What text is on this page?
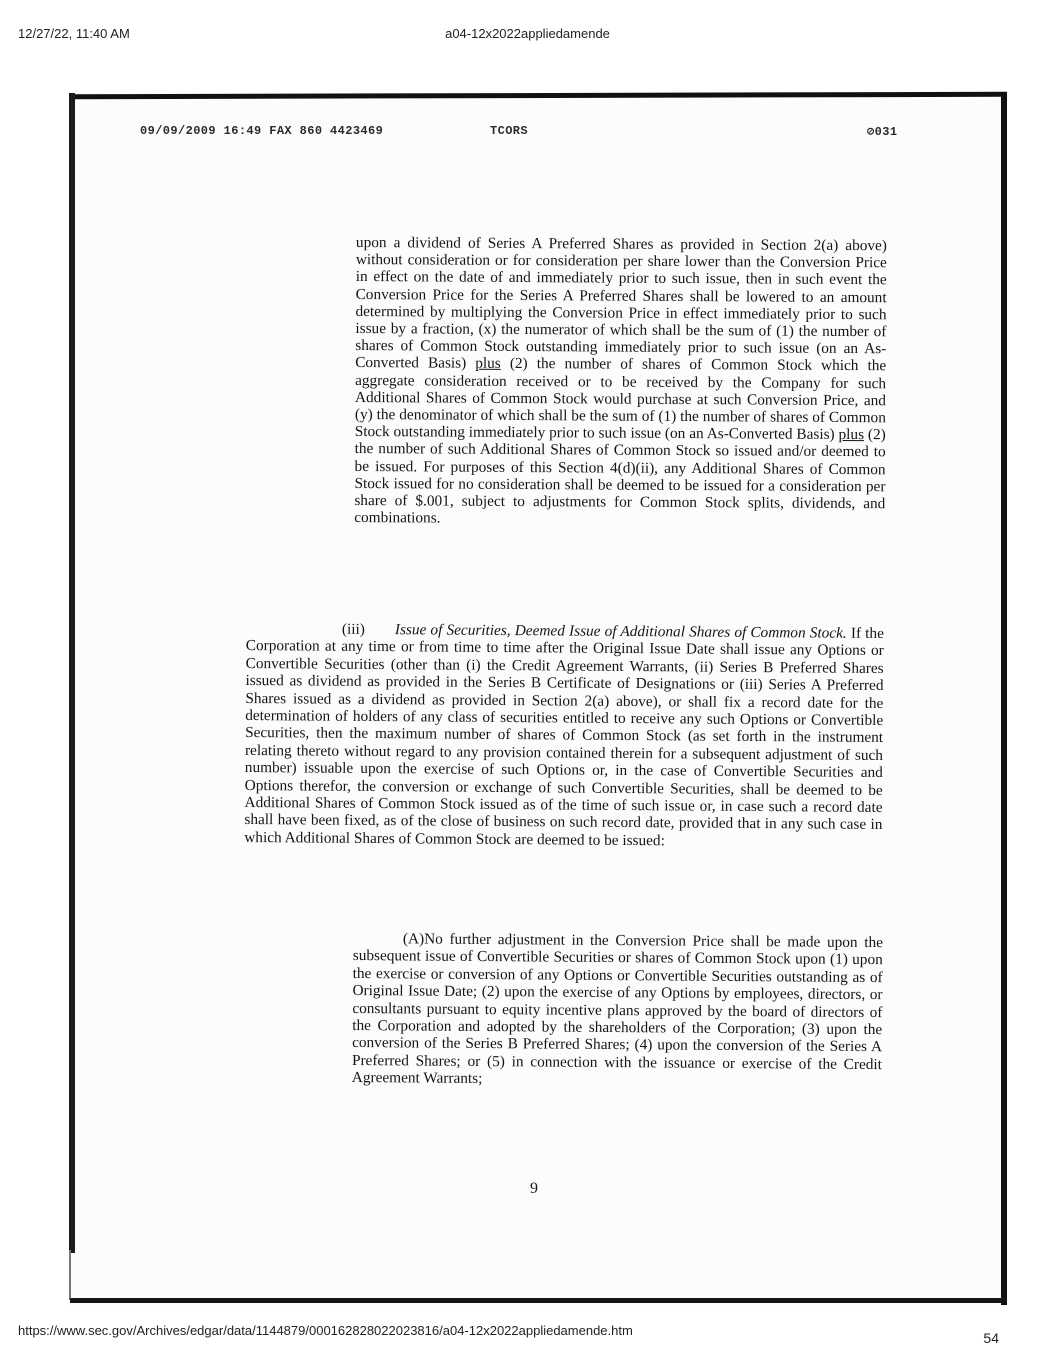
12/27/22, 11:40 AM	a04-12x2022appliedamende
09/09/2009 16:49 FAX 860 4423469	TCORS	⊘031
upon a dividend of Series A Preferred Shares as provided in Section 2(a) above) without consideration or for consideration per share lower than the Conversion Price in effect on the date of and immediately prior to such issue, then in such event the Conversion Price for the Series A Preferred Shares shall be lowered to an amount determined by multiplying the Conversion Price in effect immediately prior to such issue by a fraction, (x) the numerator of which shall be the sum of (1) the number of shares of Common Stock outstanding immediately prior to such issue (on an As-Converted Basis) plus (2) the number of shares of Common Stock which the aggregate consideration received or to be received by the Company for such Additional Shares of Common Stock would purchase at such Conversion Price, and (y) the denominator of which shall be the sum of (1) the number of shares of Common Stock outstanding immediately prior to such issue (on an As-Converted Basis) plus (2) the number of such Additional Shares of Common Stock so issued and/or deemed to be issued. For purposes of this Section 4(d)(ii), any Additional Shares of Common Stock issued for no consideration shall be deemed to be issued for a consideration per share of $.001, subject to adjustments for Common Stock splits, dividends, and combinations.
(iii) Issue of Securities, Deemed Issue of Additional Shares of Common Stock. If the Corporation at any time or from time to time after the Original Issue Date shall issue any Options or Convertible Securities (other than (i) the Credit Agreement Warrants, (ii) Series B Preferred Shares issued as dividend as provided in the Series B Certificate of Designations or (iii) Series A Preferred Shares issued as a dividend as provided in Section 2(a) above), or shall fix a record date for the determination of holders of any class of securities entitled to receive any such Options or Convertible Securities, then the maximum number of shares of Common Stock (as set forth in the instrument relating thereto without regard to any provision contained therein for a subsequent adjustment of such number) issuable upon the exercise of such Options or, in the case of Convertible Securities and Options therefor, the conversion or exchange of such Convertible Securities, shall be deemed to be Additional Shares of Common Stock issued as of the time of such issue or, in case such a record date shall have been fixed, as of the close of business on such record date, provided that in any such case in which Additional Shares of Common Stock are deemed to be issued:
(A)No further adjustment in the Conversion Price shall be made upon the subsequent issue of Convertible Securities or shares of Common Stock upon (1) upon the exercise or conversion of any Options or Convertible Securities outstanding as of Original Issue Date; (2) upon the exercise of any Options by employees, directors, or consultants pursuant to equity incentive plans approved by the board of directors of the Corporation and adopted by the shareholders of the Corporation; (3) upon the conversion of the Series B Preferred Shares; (4) upon the conversion of the Series A Preferred Shares; or (5) in connection with the issuance or exercise of the Credit Agreement Warrants;
9
https://www.sec.gov/Archives/edgar/data/1144879/000162828022023816/a04-12x2022appliedamende.htm	54
